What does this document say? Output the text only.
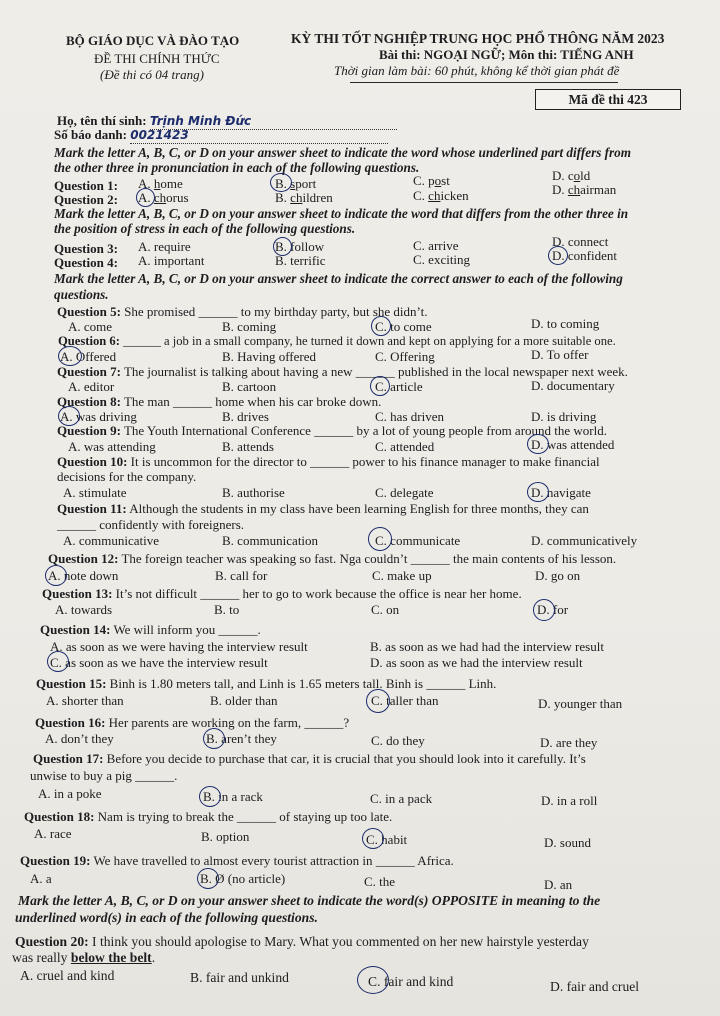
BỘ GIÁO DỤC VÀ ĐÀO TẠO
ĐỀ THI CHÍNH THỨC
(Đề thi có 04 trang)
KỲ THI TỐT NGHIỆP TRUNG HỌC PHỔ THÔNG NĂM 2023
Bài thi: NGOẠI NGỮ; Môn thi: TIẾNG ANH
Thời gian làm bài: 60 phút, không kể thời gian phát đề
Mã đề thi 423
Họ, tên thí sinh: Trịnh Minh Đức
Số báo danh: 0021423
Mark the letter A, B, C, or D on your answer sheet to indicate the word whose underlined part differs from
the other three in pronunciation in each of the following questions.
Question 1: A. home	B. sport	C. post	D. cold
Question 2: A. chorus	B. children	C. chicken	D. chairman
Mark the letter A, B, C, or D on your answer sheet to indicate the word that differs from the other three in
the position of stress in each of the following questions.
Question 3: A. require	B. follow	C. arrive	D. connect
Question 4: A. important	B. terrific	C. exciting	D. confident
Mark the letter A, B, C, or D on your answer sheet to indicate the correct answer to each of the following
questions.
Question 5: She promised ______ to my birthday party, but she didn’t.
A. come	B. coming	C. to come	D. to coming
Question 6: ______ a job in a small company, he turned it down and kept on applying for a more suitable one.
A. Offered	B. Having offered	C. Offering	D. To offer
Question 7: The journalist is talking about having a new ______ published in the local newspaper next week.
A. editor	B. cartoon	C. article	D. documentary
Question 8: The man ______ home when his car broke down.
A. was driving	B. drives	C. has driven	D. is driving
Question 9: The Youth International Conference ______ by a lot of young people from around the world.
A. was attending	B. attends	C. attended	D. was attended
Question 10: It is uncommon for the director to ______ power to his finance manager to make financial
decisions for the company.
A. stimulate	B. authorise	C. delegate	D. navigate
Question 11: Although the students in my class have been learning English for three months, they can
______ confidently with foreigners.
A. communicative	B. communication	C. communicate	D. communicatively
Question 12: The foreign teacher was speaking so fast. Nga couldn’t ______ the main contents of his lesson.
A. note down	B. call for	C. make up	D. go on
Question 13: It’s not difficult ______ her to go to work because the office is near her home.
A. towards	B. to	C. on	D. for
Question 14: We will inform you ______.
A. as soon as we were having the interview result	B. as soon as we had had the interview result
C. as soon as we have the interview result	D. as soon as we had the interview result
Question 15: Binh is 1.80 meters tall, and Linh is 1.65 meters tall. Binh is ______ Linh.
A. shorter than	B. older than	C. taller than	D. younger than
Question 16: Her parents are working on the farm, ______?
A. don’t they	B. aren’t they	C. do they	D. are they
Question 17: Before you decide to purchase that car, it is crucial that you should look into it carefully. It’s
unwise to buy a pig ______.
A. in a poke	B. in a rack	C. in a pack	D. in a roll
Question 18: Nam is trying to break the ______ of staying up too late.
A. race	B. option	C. habit	D. sound
Question 19: We have travelled to almost every tourist attraction in ______ Africa.
A. a	B. Ø (no article)	C. the	D. an
Mark the letter A, B, C, or D on your answer sheet to indicate the word(s) OPPOSITE in meaning to the
underlined word(s) in each of the following questions.
Question 20: I think you should apologise to Mary. What you commented on her new hairstyle yesterday
was really below the belt.
A. cruel and kind	B. fair and unkind	C. fair and kind	D. fair and cruel
